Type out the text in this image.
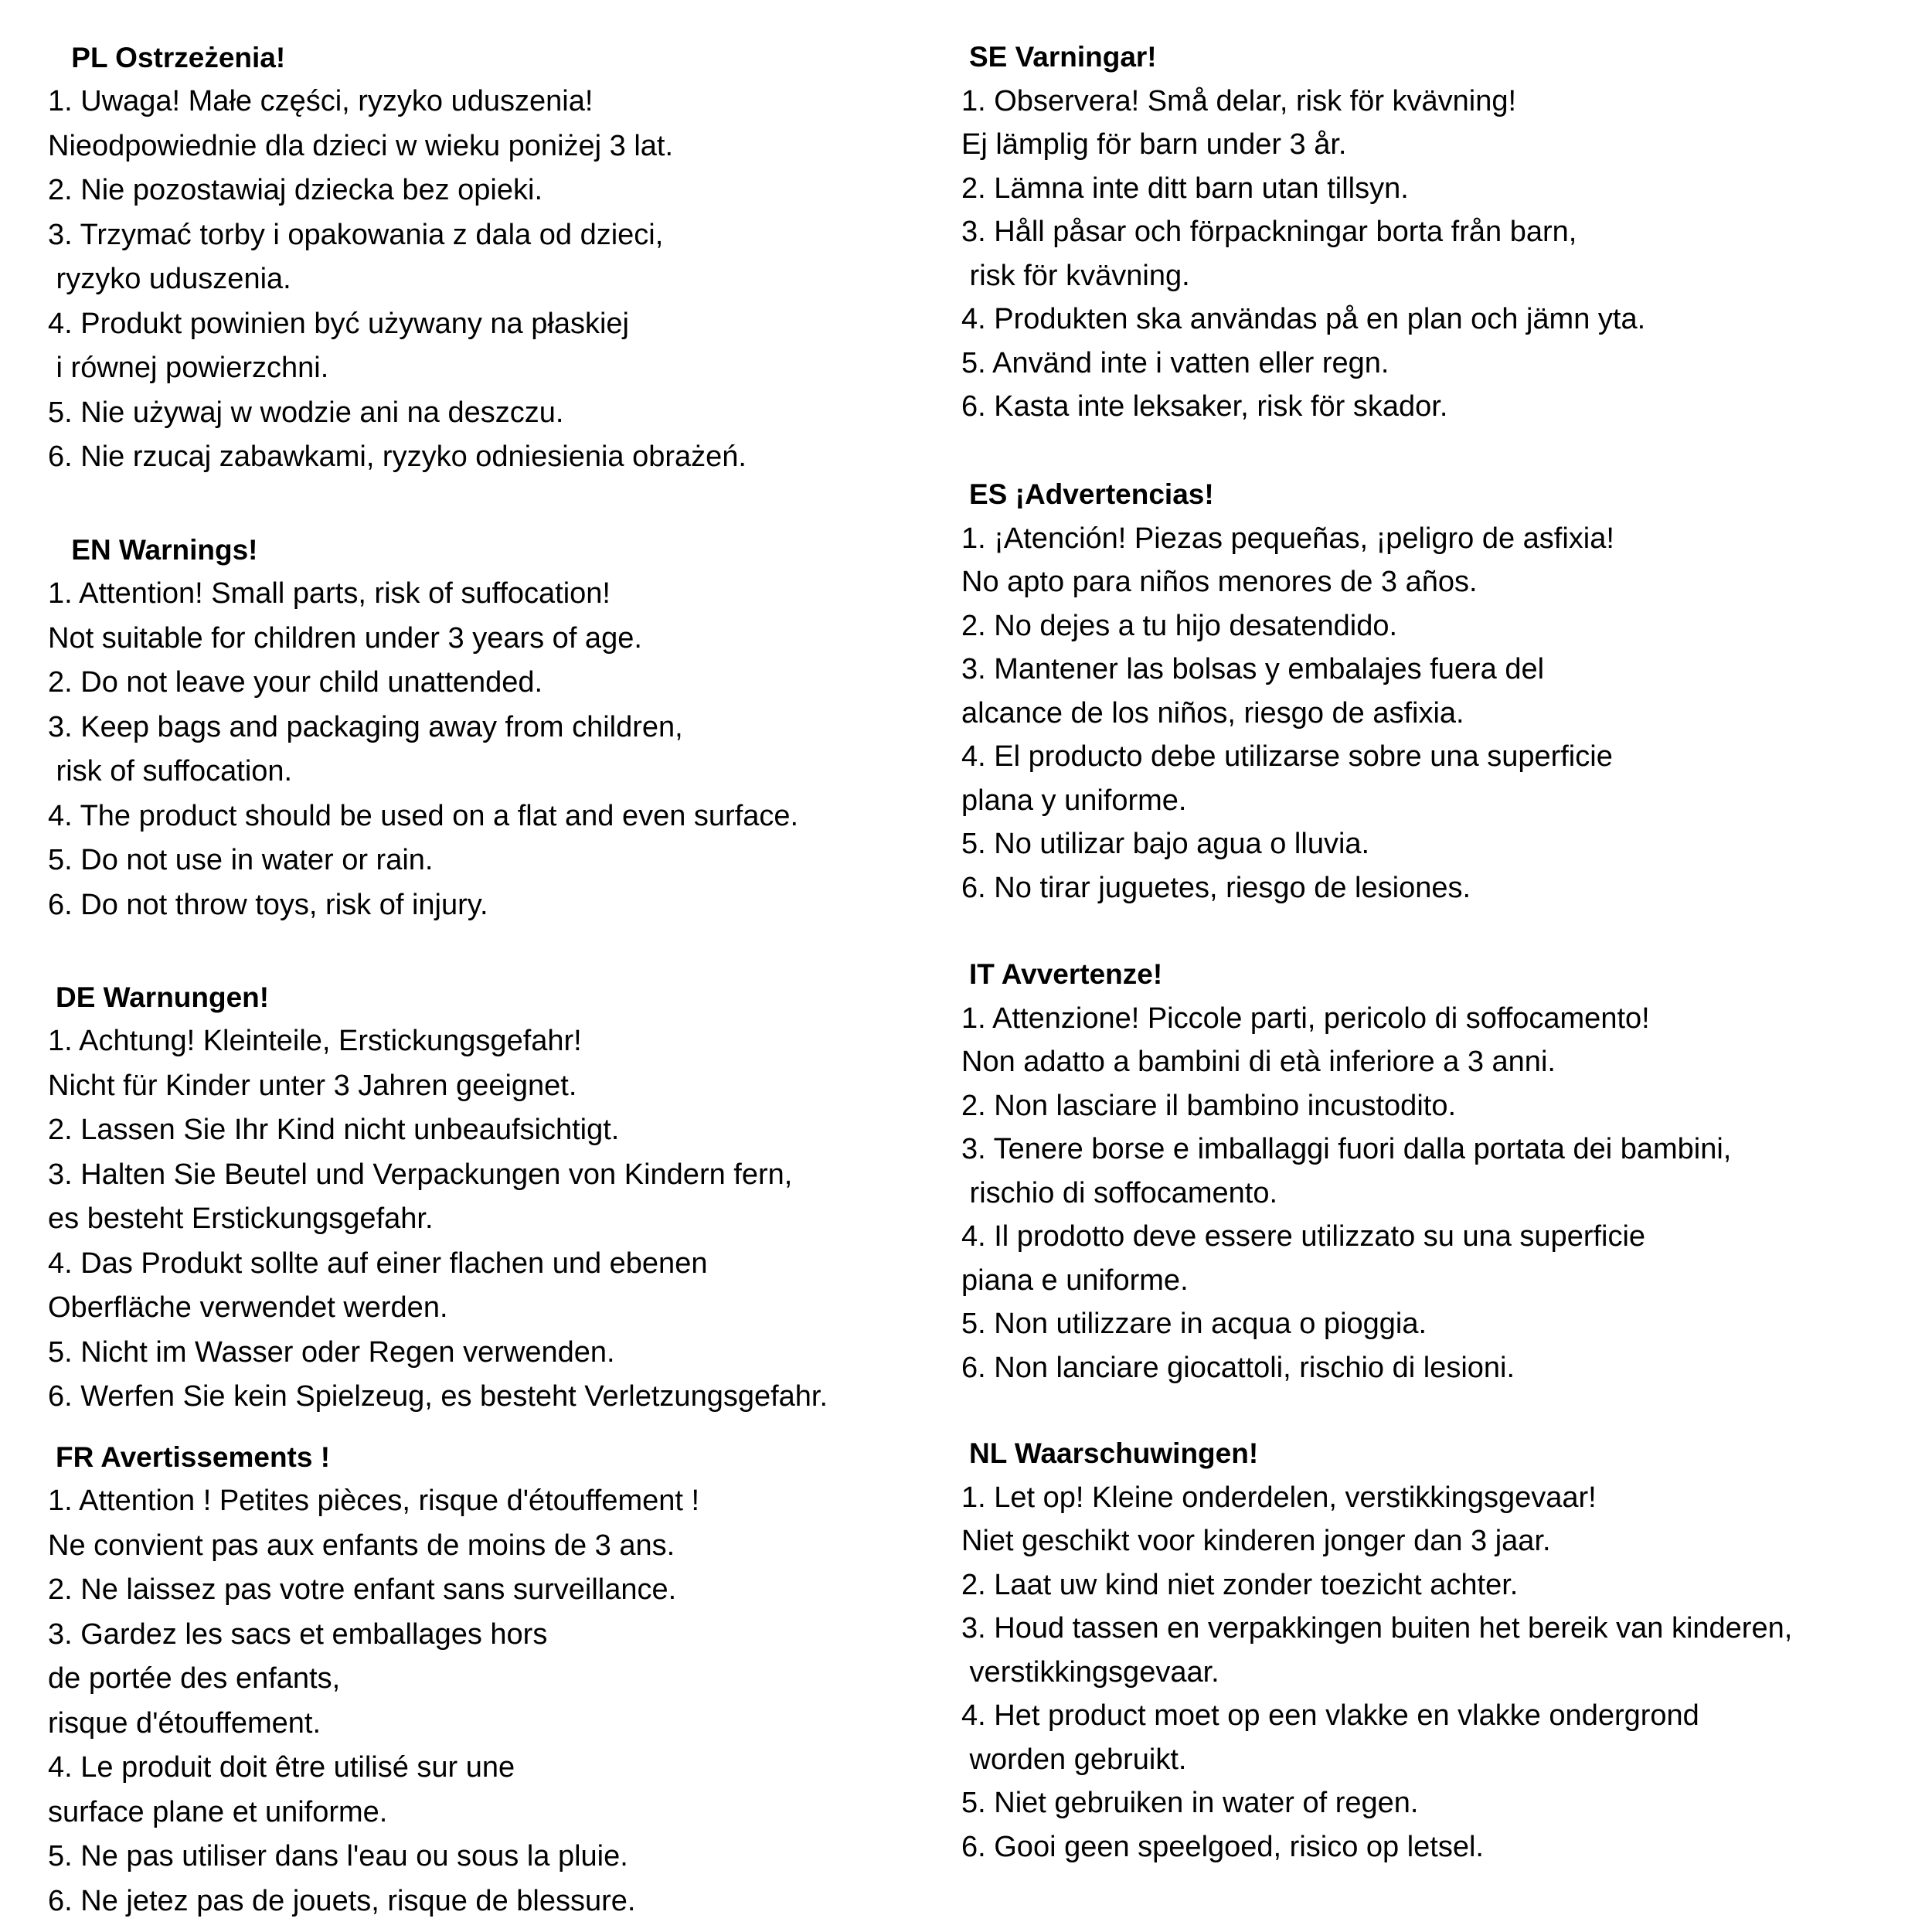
PL Ostrzeżenia!
1. Uwaga! Małe części, ryzyko uduszenia!
Nieodpowiednie dla dzieci w wieku poniżej 3 lat.
2. Nie pozostawiaj dziecka bez opieki.
3. Trzymać torby i opakowania z dala od dzieci,
ryzyko uduszenia.
4. Produkt powinien być używany na płaskiej
i równej powierzchni.
5. Nie używaj w wodzie ani na deszczu.
6. Nie rzucaj zabawkami, ryzyko odniesienia obrażeń.
EN Warnings!
1. Attention! Small parts, risk of suffocation!
Not suitable for children under 3 years of age.
2. Do not leave your child unattended.
3. Keep bags and packaging away from children,
risk of suffocation.
4. The product should be used on a flat and even surface.
5. Do not use in water or rain.
6. Do not throw toys, risk of injury.
DE Warnungen!
1. Achtung! Kleinteile, Erstickungsgefahr!
Nicht für Kinder unter 3 Jahren geeignet.
2. Lassen Sie Ihr Kind nicht unbeaufsichtigt.
3. Halten Sie Beutel und Verpackungen von Kindern fern,
es besteht Erstickungsgefahr.
4. Das Produkt sollte auf einer flachen und ebenen
Oberfläche verwendet werden.
5. Nicht im Wasser oder Regen verwenden.
6. Werfen Sie kein Spielzeug, es besteht Verletzungsgefahr.
FR Avertissements !
1. Attention ! Petites pièces, risque d'étouffement !
Ne convient pas aux enfants de moins de 3 ans.
2. Ne laissez pas votre enfant sans surveillance.
3. Gardez les sacs et emballages hors
de portée des enfants,
risque d'étouffement.
4. Le produit doit être utilisé sur une
surface plane et uniforme.
5. Ne pas utiliser dans l'eau ou sous la pluie.
6. Ne jetez pas de jouets, risque de blessure.
SE Varningar!
1. Observera! Små delar, risk för kvävning!
Ej lämplig för barn under 3 år.
2. Lämna inte ditt barn utan tillsyn.
3. Håll påsar och förpackningar borta från barn,
risk för kvävning.
4. Produkten ska användas på en plan och jämn yta.
5. Använd inte i vatten eller regn.
6. Kasta inte leksaker, risk för skador.
ES ¡Advertencias!
1. ¡Atención! Piezas pequeñas, ¡peligro de asfixia!
No apto para niños menores de 3 años.
2. No dejes a tu hijo desatendido.
3. Mantener las bolsas y embalajes fuera del
alcance de los niños, riesgo de asfixia.
4. El producto debe utilizarse sobre una superficie
plana y uniforme.
5. No utilizar bajo agua o lluvia.
6. No tirar juguetes, riesgo de lesiones.
IT Avvertenze!
1. Attenzione! Piccole parti, pericolo di soffocamento!
Non adatto a bambini di età inferiore a 3 anni.
2. Non lasciare il bambino incustodito.
3. Tenere borse e imballaggi fuori dalla portata dei bambini,
rischio di soffocamento.
4. Il prodotto deve essere utilizzato su una superficie
piana e uniforme.
5. Non utilizzare in acqua o pioggia.
6. Non lanciare giocattoli, rischio di lesioni.
NL Waarschuwingen!
1. Let op! Kleine onderdelen, verstikkingsgevaar!
Niet geschikt voor kinderen jonger dan 3 jaar.
2. Laat uw kind niet zonder toezicht achter.
3. Houd tassen en verpakkingen buiten het bereik van kinderen,
verstikkingsgevaar.
4. Het product moet op een vlakke en vlakke ondergrond
worden gebruikt.
5. Niet gebruiken in water of regen.
6. Gooi geen speelgoed, risico op letsel.
